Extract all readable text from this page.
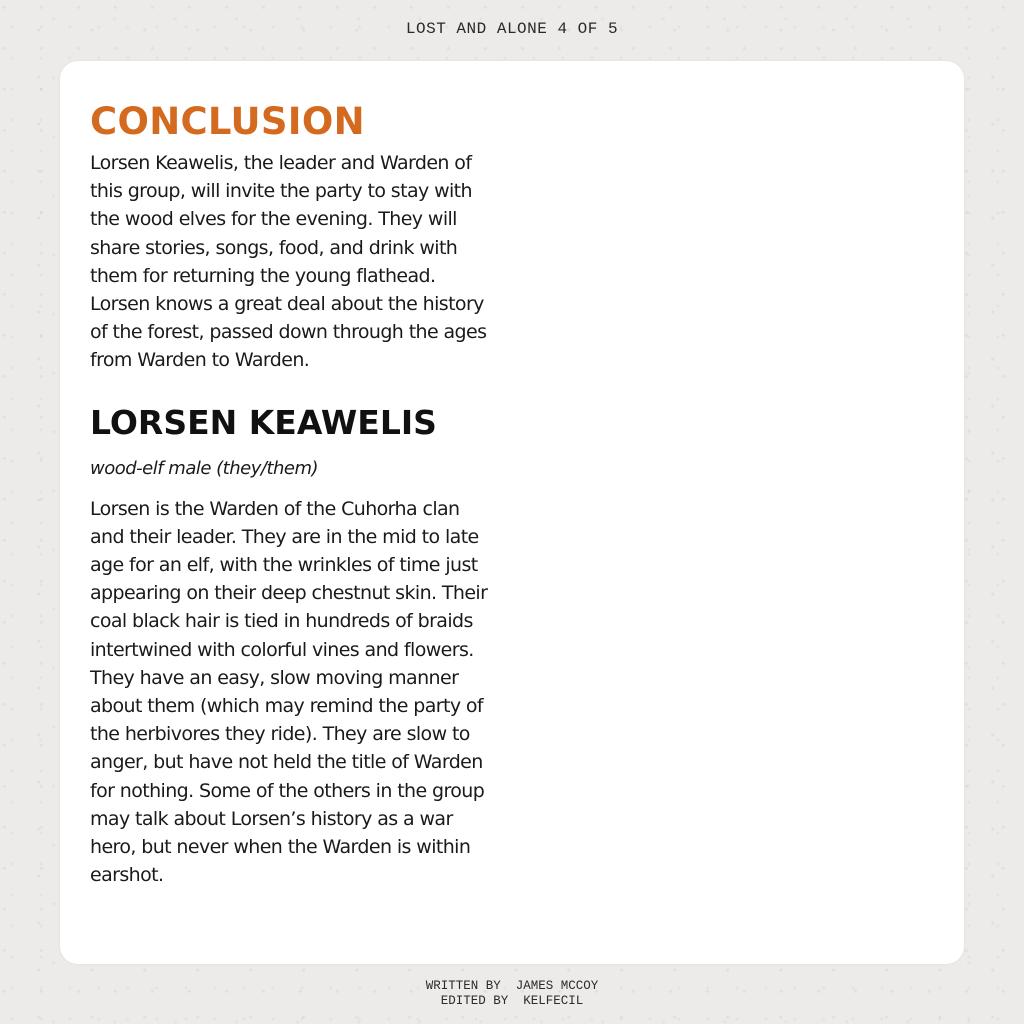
LOST AND ALONE 4 OF 5
CONCLUSION

Lorsen Keawelis, the leader and Warden of this group, will invite the party to stay with the wood elves for the evening. They will share stories, songs, food, and drink with them for returning the young flathead. Lorsen knows a great deal about the history of the forest, passed down through the ages from Warden to Warden.

LORSEN KEAWELIS

wood-elf male (they/them)

Lorsen is the Warden of the Cuhorha clan and their leader. They are in the mid to late age for an elf, with the wrinkles of time just appearing on their deep chestnut skin. Their coal black hair is tied in hundreds of braids intertwined with colorful vines and flowers. They have an easy, slow moving manner about them (which may remind the party of the herbivores they ride). They are slow to anger, but have not held the title of Warden for nothing. Some of the others in the group may talk about Lorsen’s history as a war hero, but never when the Warden is within earshot.

WRITTEN BY  JAMES MCCOY
EDITED BY  KELFECIL
